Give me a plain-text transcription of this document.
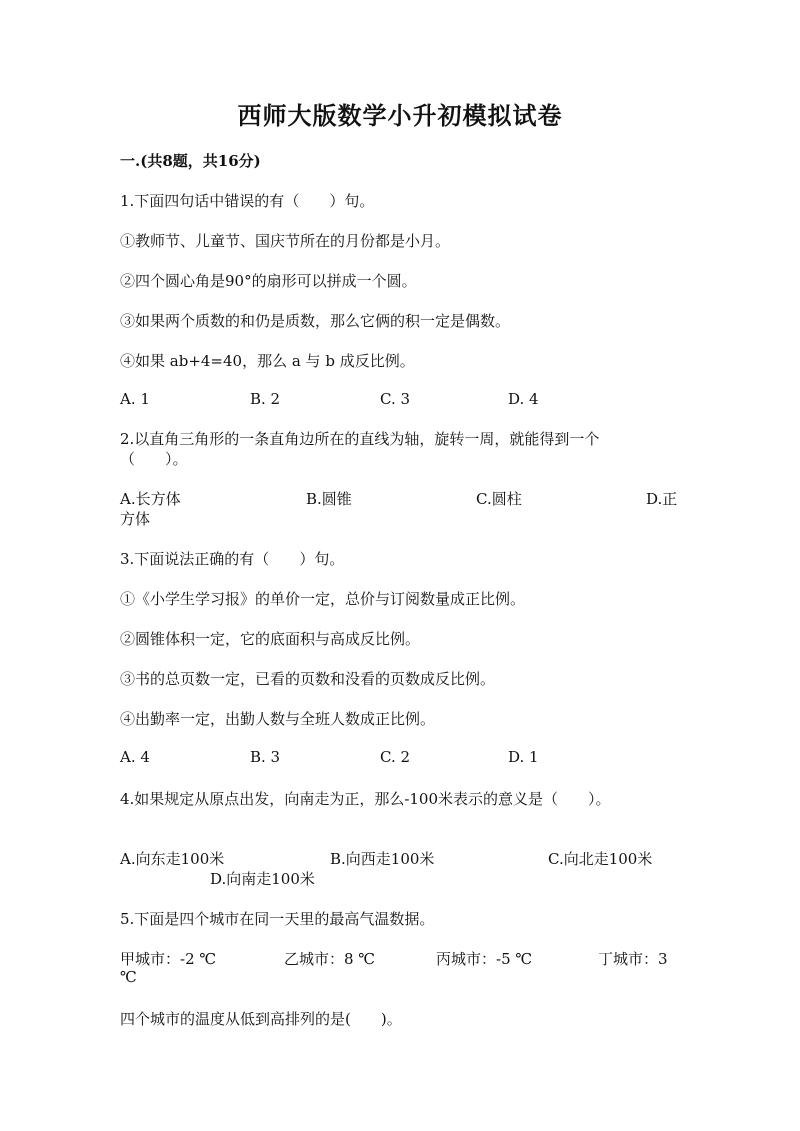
西师大版数学小升初模拟试卷
一.(共8题，共16分)
1.下面四句话中错误的有（　　）句。
①教师节、儿童节、国庆节所在的月份都是小月。
②四个圆心角是90°的扇形可以拼成一个圆。
③如果两个质数的和仍是质数，那么它俩的积一定是偶数。
④如果 ab+4=40，那么 a 与 b 成反比例。
A. 1	B. 2	C. 3	D. 4
2.以直角三角形的一条直角边所在的直线为轴，旋转一周，就能得到一个
（　　）。
A.长方体	B.圆锥	C.圆柱	D.正
方体
3.下面说法正确的有（　　）句。
①《小学生学习报》的单价一定，总价与订阅数量成正比例。
②圆锥体积一定，它的底面积与高成反比例。
③书的总页数一定，已看的页数和没看的页数成反比例。
④出勤率一定，出勤人数与全班人数成正比例。
A. 4	B. 3	C. 2	D. 1
4.如果规定从原点出发，向南走为正，那么-100米表示的意义是（　　）。
A.向东走100米	B.向西走100米	C.向北走100米
D.向南走100米
5.下面是四个城市在同一天里的最高气温数据。
甲城市：-2 ℃	乙城市：8 ℃	丙城市：-5 ℃	丁城市：3
℃
四个城市的温度从低到高排列的是(　　)。
